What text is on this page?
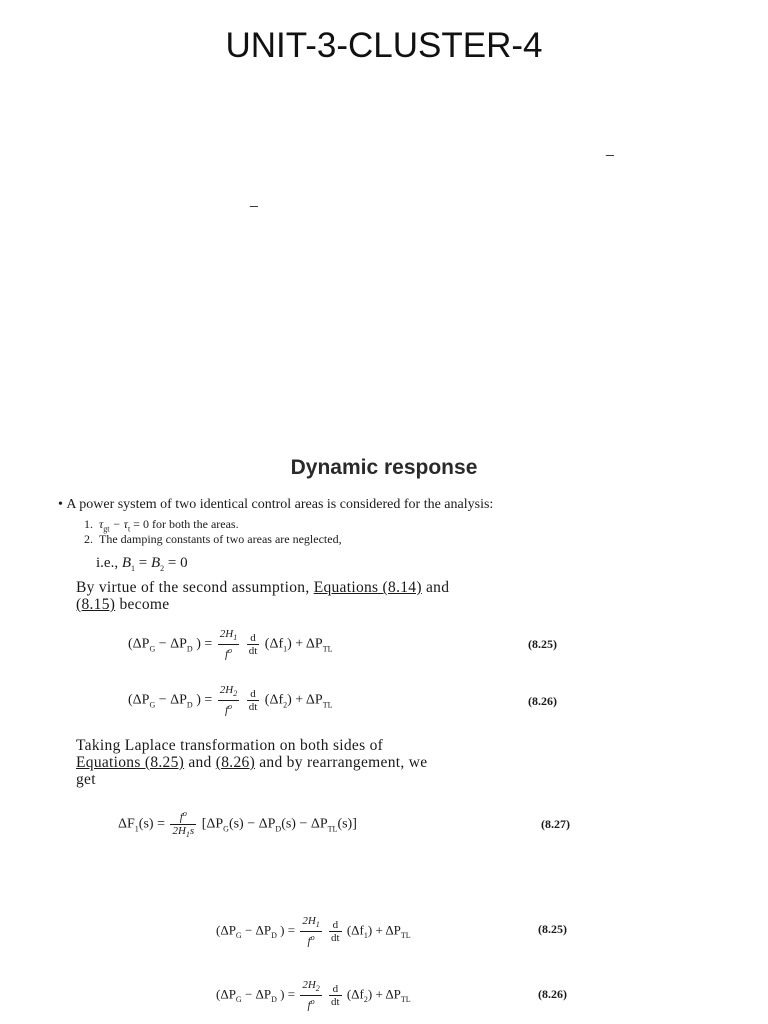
UNIT-3-CLUSTER-4
_
_
Dynamic response
• A power system of two identical control areas is considered for the analysis:
1. $\tau_{gt} - \tau_t = 0$ for both the areas.
2. The damping constants of two areas are neglected,
i.e., $B_1 = B_2 = 0$
By virtue of the second assumption, Equations (8.14) and
(8.15) become
($\Delta P_G - \Delta P_D$ ) = $\frac{2H_1}{f^o}$
$\frac{d}{dt} (\Delta f_1) + \Delta P_{TL}$	(8.25)
($\Delta P_G - \Delta P_D$ ) = $\frac{2H_2}{f^o}$
$\frac{d}{dt} (\Delta f_2) + \Delta P_{TL}$	(8.26)
Taking Laplace transformation on both sides of
Equations (8.25) and (8.26) and by rearrangement, we
get
$\Delta F_1(s) = \frac{f^o}{2H_1s} [\Delta P_G(s) - \Delta P_D(s) - \Delta P_{TL}(s)]$	(8.27)
($\Delta P_G - \Delta P_D$ ) = $\frac{2H_1}{f^o}$
$\frac{d}{dt} (\Delta f_1) + \Delta P_{TL}$	(8.25)
($\Delta P_G - \Delta P_D$ ) = $\frac{2H_2}{f^o}$
$\frac{d}{dt} (\Delta f_2) + \Delta P_{TL}$	(8.26)
